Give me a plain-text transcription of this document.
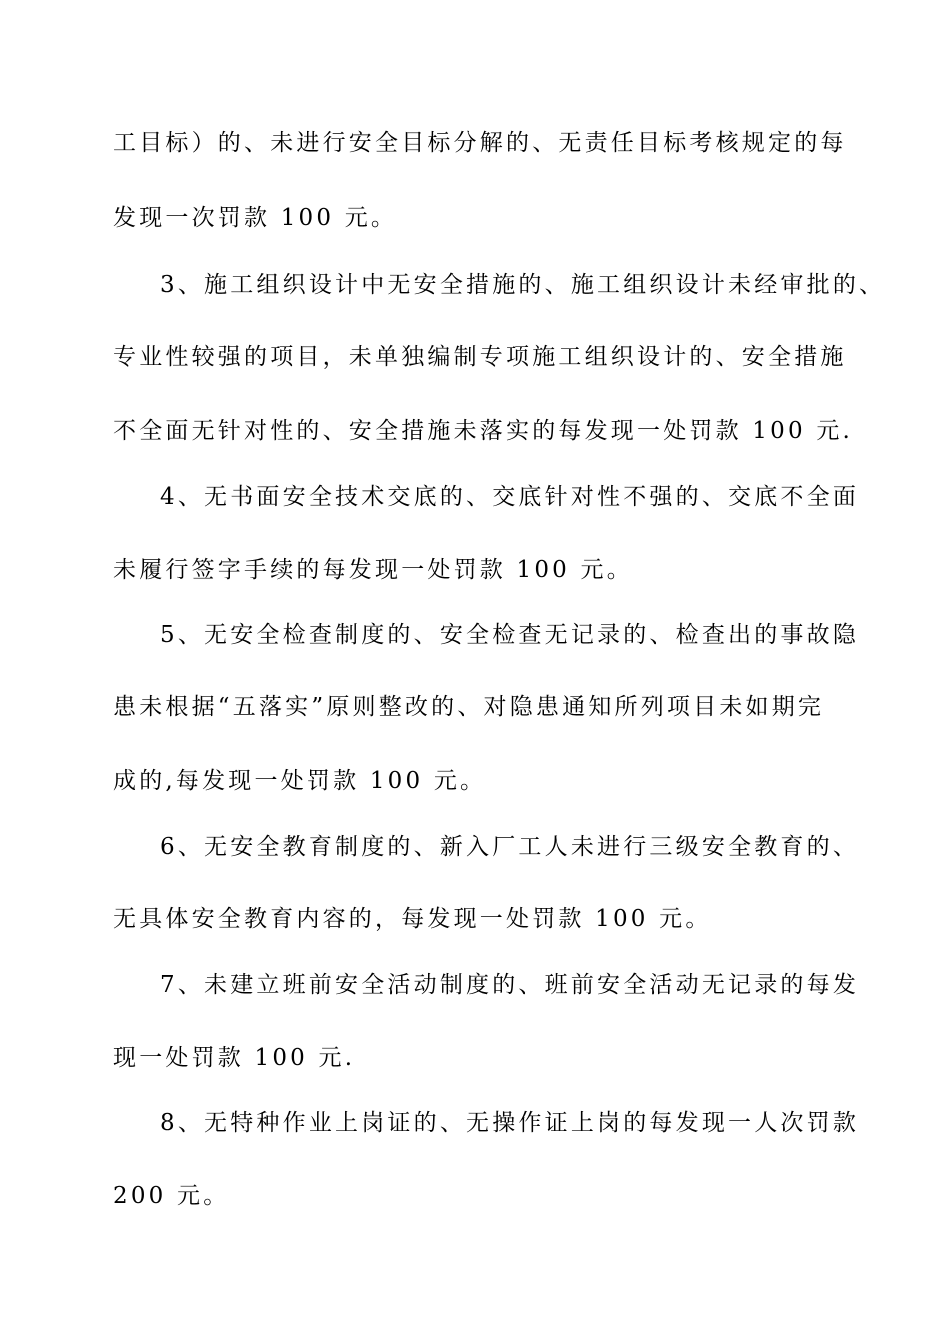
工目标）的、未进行安全目标分解的、无责任目标考核规定的每
发现一次罚款 100 元。
3、施工组织设计中无安全措施的、施工组织设计未经审批的、
专业性较强的项目，未单独编制专项施工组织设计的、安全措施
不全面无针对性的、安全措施未落实的每发现一处罚款 100 元.
4、无书面安全技术交底的、交底针对性不强的、交底不全面
未履行签字手续的每发现一处罚款 100 元。
5、无安全检查制度的、安全检查无记录的、检查出的事故隐
患未根据“五落实”原则整改的、对隐患通知所列项目未如期完
成的,每发现一处罚款 100 元。
6、无安全教育制度的、新入厂工人未进行三级安全教育的、
无具体安全教育内容的，每发现一处罚款 100 元。
7、未建立班前安全活动制度的、班前安全活动无记录的每发
现一处罚款 100 元.
8、无特种作业上岗证的、无操作证上岗的每发现一人次罚款
200 元。
